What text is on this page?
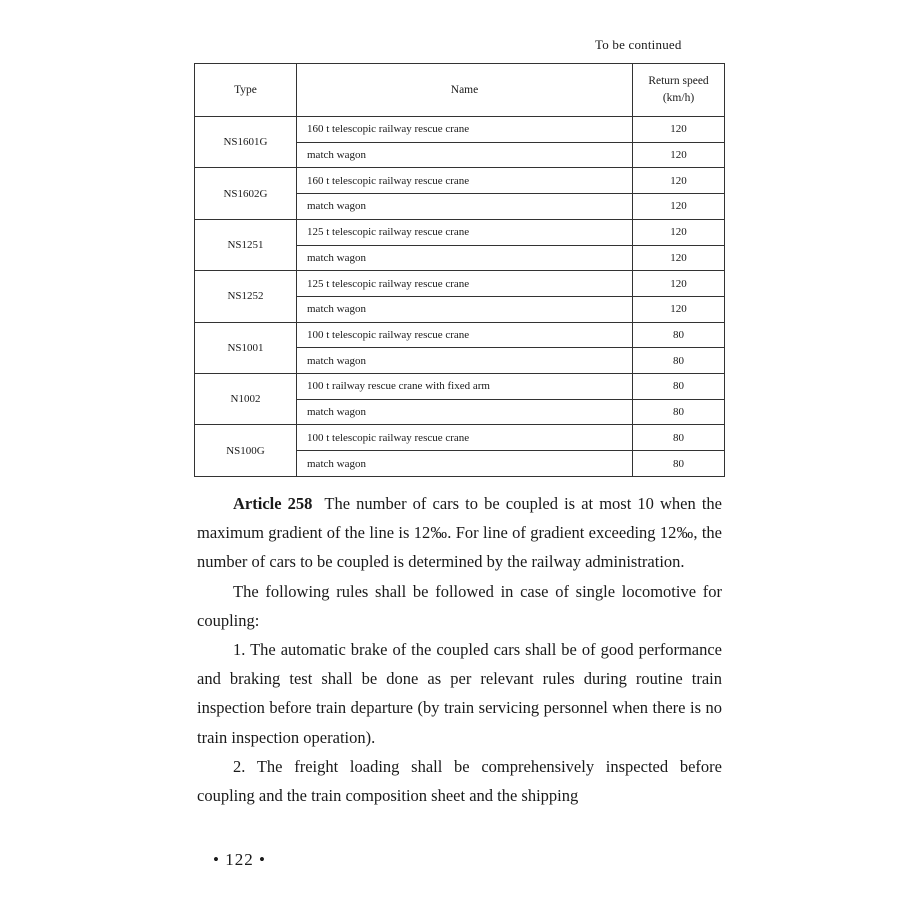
To be continued
Type	Name	Return speed
(km/h)
NS1601G	160 t telescopic railway rescue crane	120
	match wagon	120
NS1602G	160 t telescopic railway rescue crane	120
	match wagon	120
NS1251	125 t telescopic railway rescue crane	120
	match wagon	120
NS1252	125 t telescopic railway rescue crane	120
	match wagon	120
NS1001	100 t telescopic railway rescue crane	80
	match wagon	80
N1002	100 t railway rescue crane with fixed arm	80
	match wagon	80
NS100G	100 t telescopic railway rescue crane	80
	match wagon	80

Article 258 The number of cars to be coupled is at most 10 when the maximum gradient of the line is 12‰. For line of gradient exceeding 12‰, the number of cars to be coupled is determined by the railway administration.

The following rules shall be followed in case of single locomotive for coupling:

1. The automatic brake of the coupled cars shall be of good performance and braking test shall be done as per relevant rules during routine train inspection before train departure (by train servicing personnel when there is no train inspection operation).

2. The freight loading shall be comprehensively inspected before coupling and the train composition sheet and the shipping

• 122 •
